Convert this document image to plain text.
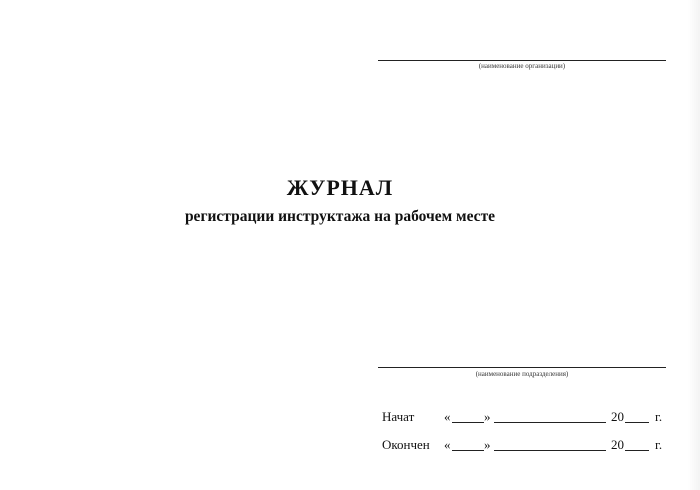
(наименование организации)
ЖУРНАЛ
регистрации инструктажа на рабочем месте
(наименование подразделения)
Начат «	»	20 г.
Окончен «	»	20 г.
